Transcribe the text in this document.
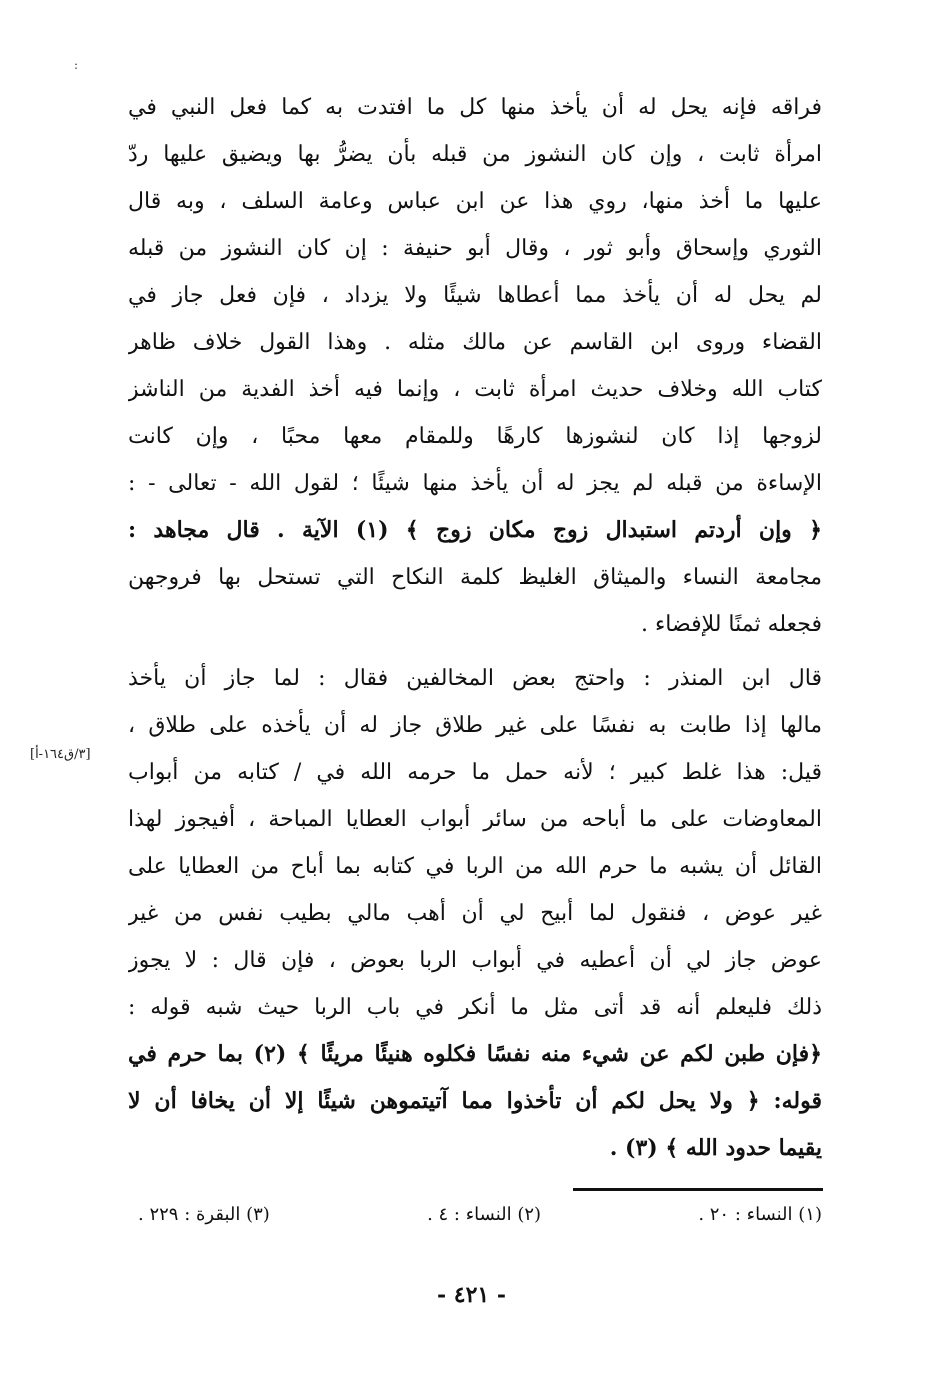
:
فراقه فإنه يحل له أن يأخذ منها كل ما افتدت به كما فعل النبي في
امرأة ثابت ، وإن كان النشوز من قبله بأن يضرُّ بها ويضيق عليها ردّ
عليها ما أخذ منها، روي هذا عن ابن عباس وعامة السلف ، وبه قال
الثوري وإسحاق وأبو ثور ، وقال أبو حنيفة : إن كان النشوز من قبله
لم يحل له أن يأخذ مما أعطاها شيئًا ولا يزداد ، فإن فعل جاز في
القضاء وروى ابن القاسم عن مالك مثله . وهذا القول خلاف ظاهر
كتاب الله وخلاف حديث امرأة ثابت ، وإنما فيه أخذ الفدية من الناشز
لزوجها إذا كان لنشوزها كارهًا وللمقام معها محبًا ، وإن كانت
الإساءة من قبله لم يجز له أن يأخذ منها شيئًا ؛ لقول الله - تعالى - :
﴿ وإن أردتم استبدال زوج مكان زوج ﴾ (١) الآية . قال مجاهد :
مجامعة النساء والميثاق الغليظ كلمة النكاح التي تستحل بها فروجهن
فجعله ثمنًا للإفضاء .
قال ابن المنذر : واحتج بعض المخالفين فقال : لما جاز أن يأخذ
مالها إذا طابت به نفسًا على غير طلاق جاز له أن يأخذه على طلاق ،
قيل: هذا غلط كبير ؛ لأنه حمل ما حرمه الله في / كتابه من أبواب
المعاوضات على ما أباحه من سائر أبواب العطايا المباحة ، أفيجوز لهذا
القائل أن يشبه ما حرم الله من الربا في كتابه بما أباح من العطايا على
غير عوض ، فنقول لما أبيح لي أن أهب مالي بطيب نفس من غير
عوض جاز لي أن أعطيه في أبواب الربا بعوض ، فإن قال : لا يجوز
ذلك فليعلم أنه قد أتى مثل ما أنكر في باب الربا حيث شبه قوله :
﴿فإن طبن لكم عن شيء منه نفسًا فكلوه هنيئًا مريئًا ﴾ (٢) بما حرم في
قوله: ﴿ ولا يحل لكم أن تأخذوا مما آتيتموهن شيئًا إلا أن يخافا أن لا
يقيما حدود الله ﴾ (٣) .
[٣/ق١٦٤-أ]
(١) النساء : ٢٠ .
(٢) النساء : ٤ .
(٣) البقرة : ٢٢٩ .
- ٤٢١ -
